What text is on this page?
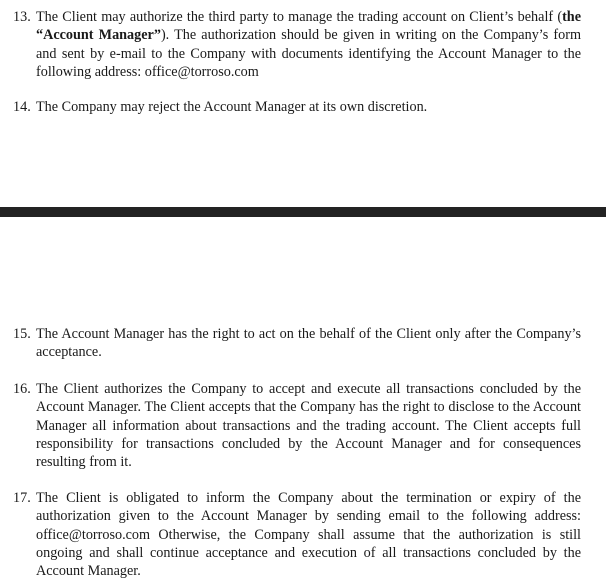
13. The Client may authorize the third party to manage the trading account on Client’s behalf (the “Account Manager”). The authorization should be given in writing on the Company’s form and sent by e-mail to the Company with documents identifying the Account Manager to the following address: office@torroso.com
14. The Company may reject the Account Manager at its own discretion.
15. The Account Manager has the right to act on the behalf of the Client only after the Company’s acceptance.
16. The Client authorizes the Company to accept and execute all transactions concluded by the Account Manager. The Client accepts that the Company has the right to disclose to the Account Manager all information about transactions and the trading account. The Client accepts full responsibility for transactions concluded by the Account Manager and for consequences resulting from it.
17. The Client is obligated to inform the Company about the termination or expiry of the authorization given to the Account Manager by sending email to the following address: office@torroso.com Otherwise, the Company shall assume that the authorization is still ongoing and shall continue acceptance and execution of all transactions concluded by the Account Manager.
